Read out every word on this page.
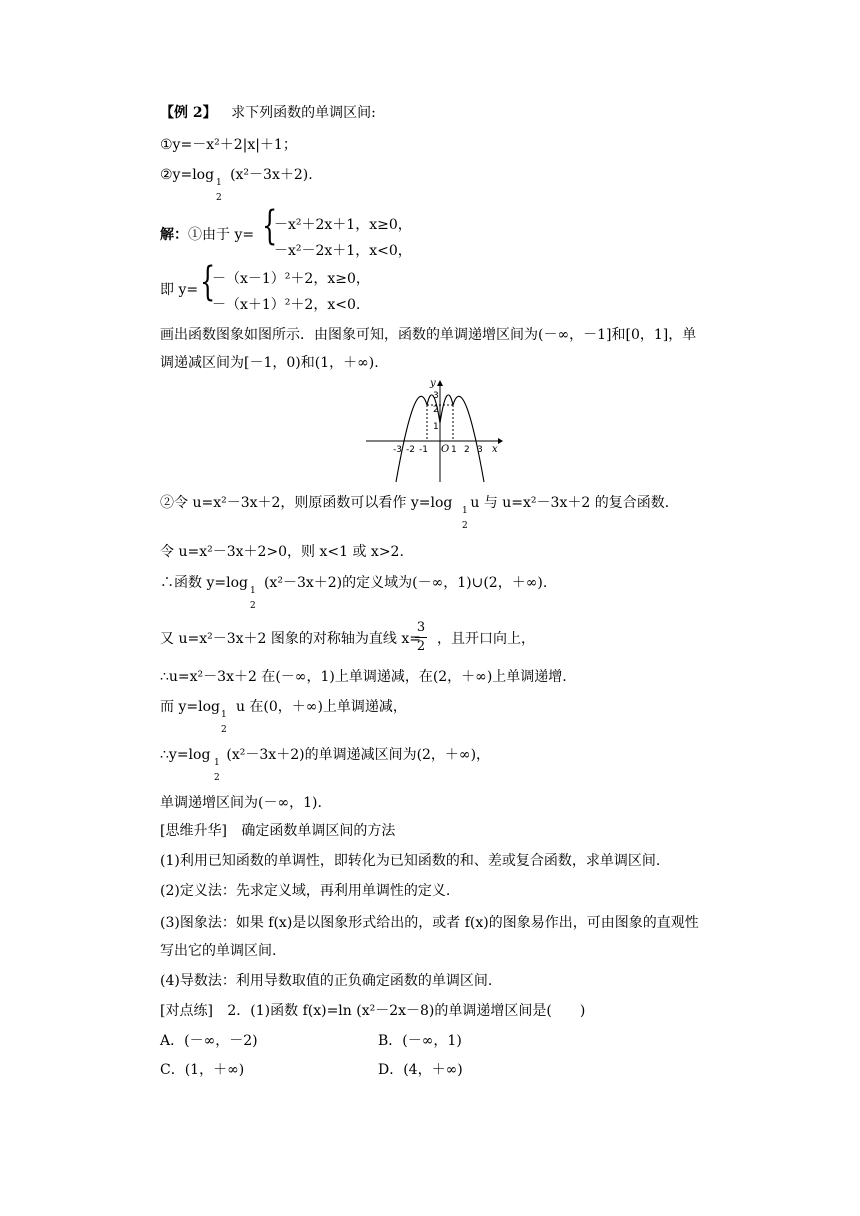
【例 2】 求下列函数的单调区间:
①y=－x²＋2|x|＋1；
②y=log (x²－3x＋2).
1
2
解：①由于 y= {
－x²＋2x＋1，x≥0，
－x²－2x＋1，x<0，
即 y= {
－（x－1）²＋2，x≥0，
－（x＋1）²＋2，x<0.
画出函数图象如图所示．由图象可知，函数的单调递增区间为(－∞，－1]和[0，1]，单
调递减区间为[－1，0)和(1，＋∞).
y
x
O
-3 -2 -1	1 2 3
1
2
3
②令 u=x²－3x＋2，则原函数可以看作 y=log u 与 u=x²－3x＋2 的复合函数．
1
2
令 u=x²－3x＋2>0，则 x<1 或 x>2.
∴函数 y=log (x²－3x＋2)的定义域为(－∞，1)∪(2，＋∞).
1
2
又 u=x²－3x＋2 图象的对称轴为直线 x= ，且开口向上，
3
2
∴u=x²－3x＋2 在(－∞，1)上单调递减，在(2，＋∞)上单调递增.
而 y=log u 在(0，＋∞)上单调递减，
1
2
∴y=log (x²－3x＋2)的单调递减区间为(2，＋∞)，
1
2
单调递增区间为(－∞，1).
[思维升华] 确定函数单调区间的方法
(1)利用已知函数的单调性，即转化为已知函数的和、差或复合函数，求单调区间.
(2)定义法：先求定义域，再利用单调性的定义.
(3)图象法：如果 f(x)是以图象形式给出的，或者 f(x)的图象易作出，可由图象的直观性
写出它的单调区间.
(4)导数法：利用导数取值的正负确定函数的单调区间.
[对点练] 2．(1)函数 f(x)=ln (x²－2x－8)的单调递增区间是(　　)
A．(－∞，－2)	B．(－∞，1)
C．(1，＋∞)	D．(4，＋∞)
